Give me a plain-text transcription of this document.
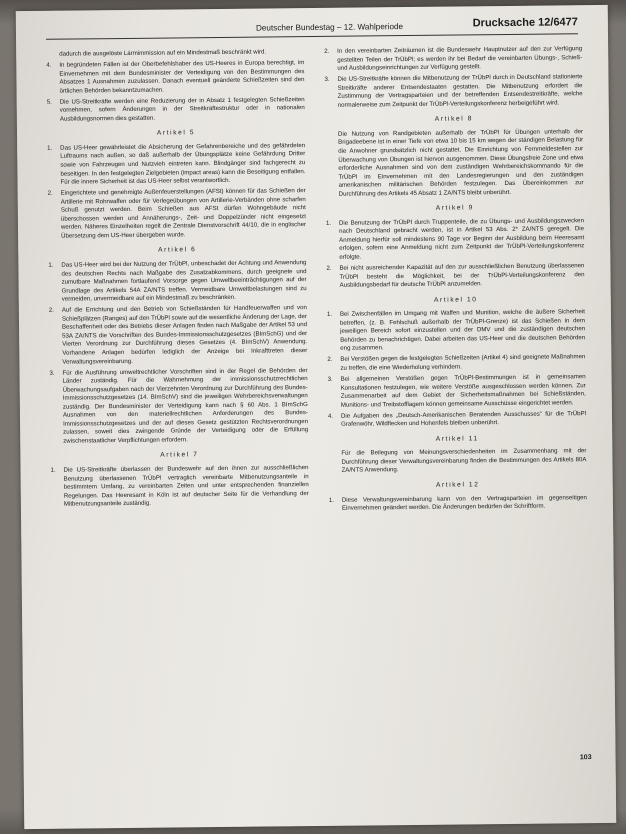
Deutscher Bundestag – 12. Wahlperiode	Drucksache 12/6477
dadurch die ausgelöste Lärmimmission auf ein Mindestmaß beschränkt wird.
4.	In begründeten Fällen ist der Oberbefehlshaber des US-Heeres in Europa berechtigt, im Einvernehmen mit dem Bundesminister der Verteidigung von den Bestimmungen des Absatzes 1 Ausnahmen zuzulassen. Danach eventuell geänderte Schießzeiten sind den örtlichen Behörden bekanntzumachen.
5.	Die US-Streitkräfte werden eine Reduzierung der in Absatz 1 festgelegten Schießzeiten vornehmen, sofern Änderungen in der Streitkräftestruktur oder in nationalen Ausbildungsnormen dies gestatten.
Artikel 5
1.	Das US-Heer gewährleistet die Absicherung der Gefahrenbereiche und des gefährdeten Luftraums nach außen, so daß außerhalb der Übungsplätze keine Gefährdung Dritter sowie von Fahrzeugen und Nutzvieh eintreten kann. Blindgänger sind fachgerecht zu beseitigen. In den festgelegten Zielgebieten (impact areas) kann die Beseitigung entfallen. Für die innere Sicherheit ist das US-Heer selbst verantwortlich.
2.	Eingerichtete und genehmigte Außenfeuerstellungen (AFSt) können für das Schießen der Artillerie mit Rohrwaffen oder für Verlegeübungen von Artillerie-Verbänden ohne scharfen Schuß genutzt werden. Beim Schießen aus AFSt dürfen Wohngebäude nicht überschossen werden und Annäherungs-, Zeit- und Doppelzünder nicht eingesetzt werden. Näheres Einzelheiten regelt die Zentrale Dienstvorschrift 44/10, die in englischer Übersetzung dem US-Heer übergeben wurde.
Artikel 6
1.	Das US-Heer wird bei der Nutzung der TrÜbPl, unbeschadet der Achtung und Anwendung des deutschen Rechts nach Maßgabe des Zusatzabkommens, durch geeignete und zumutbare Maßnahmen fortlaufend Vorsorge gegen Umweltbeeinträchtigungen auf der Grundlage des Artikels 54A ZA/NTS treffen. Vermeidbare Umweltbelastungen sind zu vermeiden, unvermeidbare auf ein Mindestmaß zu beschränken.
2.	Auf die Errichtung und den Betrieb von Schießständen für Handfeuerwaffen und von Schießplätzen (Ranges) auf den TrÜbPl sowie auf die wesentliche Änderung der Lage, der Beschaffenheit oder des Betriebs dieser Anlagen finden nach Maßgabe der Artikel 53 und 53A ZA/NTS die Vorschriften des Bundes-Immissionsschutzgesetzes (BImSchG) und der Vierten Verordnung zur Durchführung dieses Gesetzes (4. BImSchV) Anwendung. Vorhandene Anlagen bedürfen lediglich der Anzeige bei Inkrafttreten dieser Verwaltungsvereinbarung.
3.	Für die Ausführung umweltrechtlicher Vorschriften sind in der Regel die Behörden der Länder zuständig. Für die Wahrnehmung der immissionsschutzrechtlichen Überwachungsaufgaben nach der Vierzehnten Verordnung zur Durchführung des Bundes-Immissionsschutzgesetzes (14. BImSchV) sind die jeweiligen Wehrbereichsverwaltungen zuständig. Der Bundesminister der Verteidigung kann nach § 60 Abs. 1 BImSchG Ausnahmen von den materiellrechtlichen Anforderungen des Bundes-Immissionsschutzgesetzes und der auf dieses Gesetz gestützten Rechtsverordnungen zulassen, soweit dies zwingende Gründe der Verteidigung oder die Erfüllung zwischenstaatlicher Verpflichtungen erfordern.
Artikel 7
1.	Die US-Streitkräfte überlassen der Bundeswehr auf den ihnen zur ausschließlichen Benutzung überlassenen TrÜbPl vertraglich vereinbarte Mitbenutzungsanteile in bestimmtem Umfang, zu vereinbarten Zeiten und unter entsprechenden finanziellen Regelungen. Das Heeresamt in Köln ist auf deutscher Seite für die Verhandlung der Mitbenutzungsanteile zuständig.
2.	In den vereinbarten Zeiträumen ist die Bundeswehr Hauptnutzer auf den zur Verfügung gestellten Teilen der TrÜbPl; es werden ihr bei Bedarf die vereinbarten Übungs-, Schieß- und Ausbildungseinrichtungen zur Verfügung gestellt.
3.	Die US-Streitkräfte können die Mitbenutzung der TrÜbPl durch in Deutschland stationierte Streitkräfte anderer Entsendestaaten gestatten. Die Mitbenutzung erfordert die Zustimmung der Vertragsparteien und der betreffenden Entsendestreitkräfte, welche normalerweise zum Zeitpunkt der TrÜbPl-Verteilungskonferenz herbeigeführt wird.
Artikel 8
Die Nutzung von Randgebieten außerhalb der TrÜbPl für Übungen unterhalb der Brigadeebene ist in einer Tiefe von etwa 10 bis 15 km wegen der ständigen Belastung für die Anwohner grundsätzlich nicht gestattet. Die Einrichtung von Fernmeldestellen zur Überwachung von Übungen ist hiervon ausgenommen. Diese Übungsfreie Zone und etwa erforderliche Ausnahmen sind von dem zuständigen Wehrbereichskommando für die TrÜbPl im Einvernehmen mit den Landesregierungen und den zuständigen amerikanischen militärischen Behörden festzulegen. Das Übereinkommen zur Durchführung des Artikels 45 Absatz 1 ZA/NTS bleibt unberührt.
Artikel 9
1.	Die Benutzung der TrÜbPl durch Truppenteile, die zu Übungs- und Ausbildungszwecken nach Deutschland gebracht werden, ist in Artikel 53 Abs. 2* ZA/NTS geregelt. Die Anmeldung hierfür soll mindestens 90 Tage vor Beginn der Ausbildung beim Heeresamt erfolgen, sofern eine Anmeldung nicht zum Zeitpunkt der TrÜbPl-Verteilungskonferenz erfolgte.
2.	Bei nicht ausreichender Kapazität auf den zur ausschließlichen Benutzung überlassenen TrÜbPl besteht die Möglichkeit, bei der TrÜbPl-Verteilungskonferenz den Ausbildungsbedarf für deutsche TrÜbPl anzumelden.
Artikel 10
1.	Bei Zwischenfällen im Umgang mit Waffen und Munition, welche die äußere Sicherheit betreffen, (z. B. Fehlschuß außerhalb der TrÜbPl-Grenze) ist das Schießen in dem jeweiligen Bereich sofort einzustellen und der DMV und die zuständigen deutschen Behörden zu benachrichtigen. Dabei arbeiten das US-Heer und die deutschen Behörden eng zusammen.
2.	Bei Verstößen gegen die festgelegten Schießzeiten (Artikel 4) sind geeignete Maßnahmen zu treffen, die eine Wiederholung verhindern.
3.	Bei allgemeinen Verstößen gegen TrÜbPl-Bestimmungen ist in gemeinsamen Konsultationen festzulegen, wie weitere Verstöße ausgeschlossen werden können. Zur Zusammenarbeit auf dem Gebiet der Sicherheitsmaßnahmen bei Schießständen, Munitions- und Treibstofflagern können gemeinsame Ausschüsse eingerichtet werden.
4.	Die Aufgaben des „Deutsch-Amerikanischen Beratenden Ausschusses“ für die TrÜbPl Grafenwöhr, Wildflecken und Hohenfels bleiben unberührt.
Artikel 11
Für die Beilegung von Meinungsverschiedenheiten im Zusammenhang mit der Durchführung dieser Verwaltungsvereinbarung finden die Bestimmungen des Artikels 80A ZA/NTS Anwendung.
Artikel 12
1.	Diese Verwaltungsvereinbarung kann von den Vertragsparteien im gegenseitigen Einvernehmen geändert werden. Die Änderungen bedürfen der Schriftform.
103
